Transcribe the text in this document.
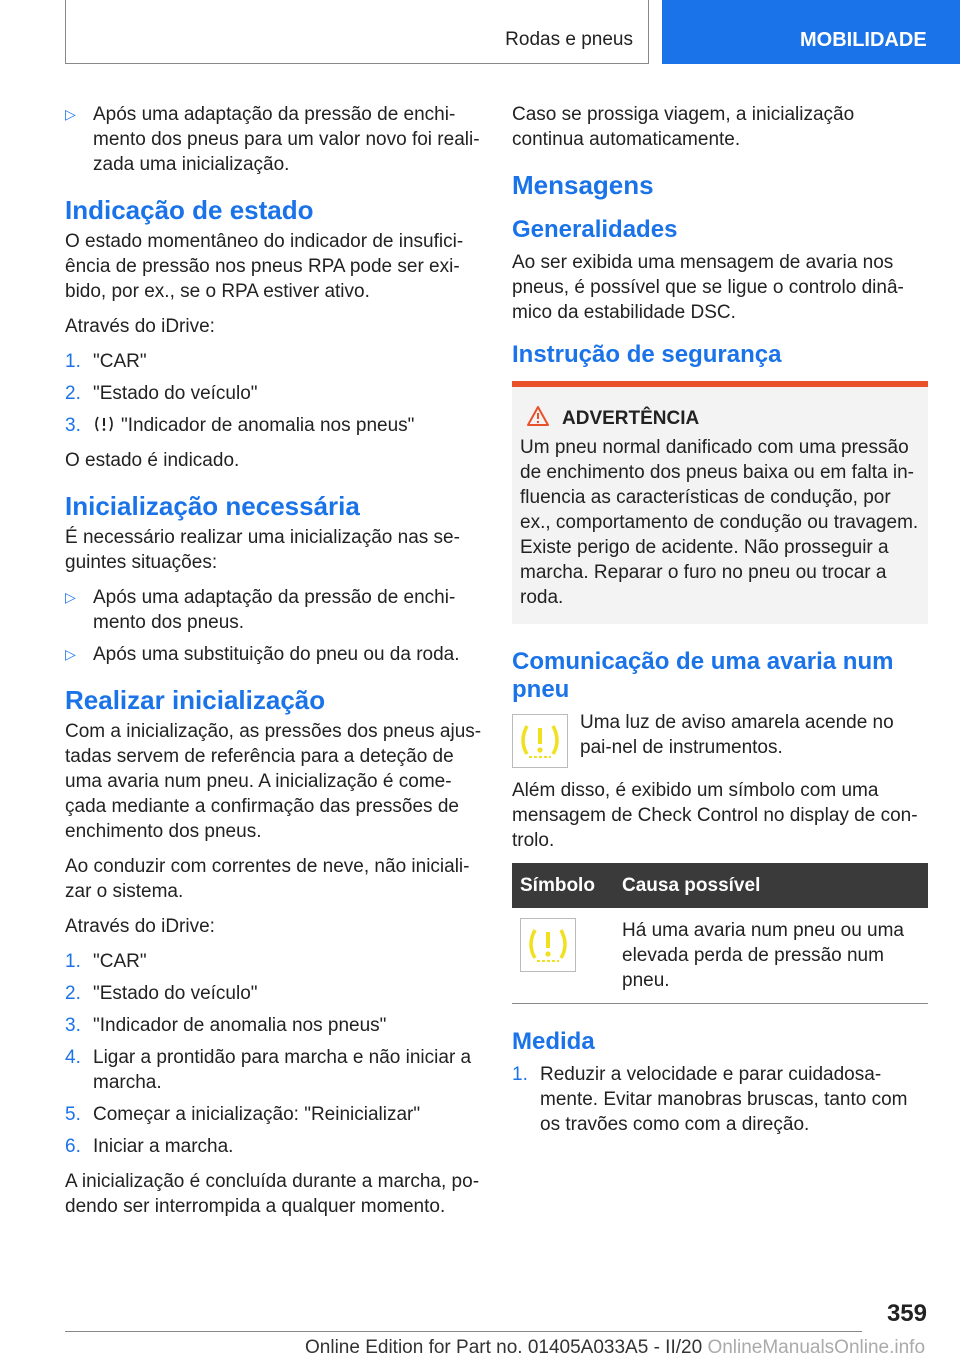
Rodas e pneus	MOBILIDADE
▷ Após uma adaptação da pressão de enchi-mento dos pneus para um valor novo foi reali-zada uma inicialização.
Indicação de estado

O estado momentâneo do indicador de insufici-ência de pressão nos pneus RPA pode ser exi-bido, por ex., se o RPA estiver ativo.

Através do iDrive:

1. "CAR"
2. "Estado do veículo"
3. "Indicador de anomalia nos pneus"

O estado é indicado.

Inicialização necessária

É necessário realizar uma inicialização nas se-guintes situações:

▷ Após uma adaptação da pressão de enchi-mento dos pneus.
▷ Após uma substituição do pneu ou da roda.
Realizar inicialização

Com a inicialização, as pressões dos pneus ajus-tadas servem de referência para a deteção de uma avaria num pneu. A inicialização é come-çada mediante a confirmação das pressões de enchimento dos pneus.

Ao conduzir com correntes de neve, não iniciali-zar o sistema.

Através do iDrive:

1. "CAR"
2. "Estado do veículo"
3. "Indicador de anomalia nos pneus"
4. Ligar a prontidão para marcha e não iniciar a marcha.
5. Começar a inicialização: "Reinicializar"
6. Iniciar a marcha.

A inicialização é concluída durante a marcha, po-dendo ser interrompida a qualquer momento.

Caso se prossiga viagem, a inicialização continua automaticamente.

Mensagens
Generalidades

Ao ser exibida uma mensagem de avaria nos pneus, é possível que se ligue o controlo dinâ-mico da estabilidade DSC.

Instrução de segurança
ADVERTÊNCIA
Um pneu normal danificado com uma pressão de enchimento dos pneus baixa ou em falta in-fluencia as características de condução, por ex., comportamento de condução ou travagem. Existe perigo de acidente. Não prosseguir a marcha. Reparar o furo no pneu ou trocar a roda.
Comunicação de uma avaria num pneu
Uma luz de aviso amarela acende no pai-nel de instrumentos.

Além disso, é exibido um símbolo com uma mensagem de Check Control no display de con-trolo.

Símbolo	Causa possível

	Há uma avaria num pneu ou uma elevada perda de pressão num pneu.
Medida
1. Reduzir a velocidade e parar cuidadosa-mente. Evitar manobras bruscas, tanto com os travões como com a direção.
359
Online Edition for Part no. 01405A033A5 - II/20 OnlineManualsOnline.info
